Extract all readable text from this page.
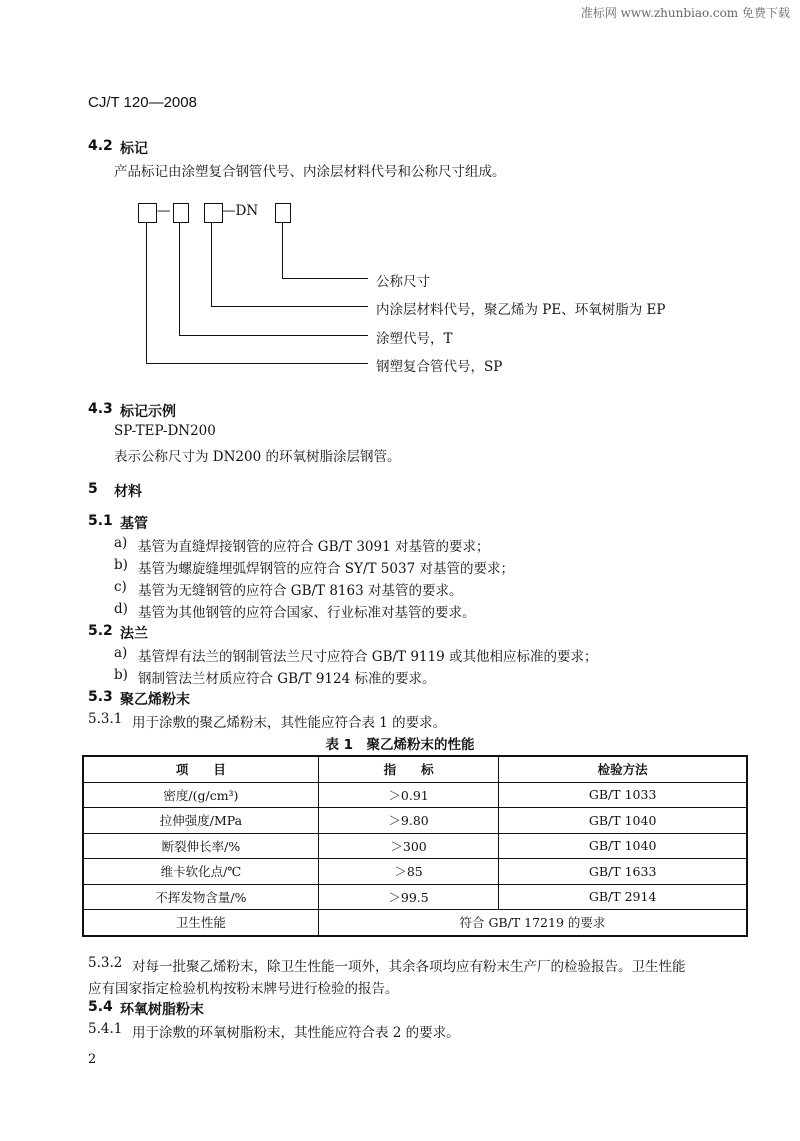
准标网 www.zhunbiao.com 免费下载
CJ/T 120—2008
4.2 标记
产品标记由涂塑复合钢管代号、内涂层材料代号和公称尺寸组成。
—	—DN
公称尺寸
内涂层材料代号，聚乙烯为 PE、环氧树脂为 EP
涂塑代号，T
钢塑复合管代号，SP
4.3 标记示例
SP-TEP-DN200
表示公称尺寸为 DN200 的环氧树脂涂层钢管。
5 材料
5.1 基管
a) 基管为直缝焊接钢管的应符合 GB/T 3091 对基管的要求；
b) 基管为螺旋缝埋弧焊钢管的应符合 SY/T 5037 对基管的要求；
c) 基管为无缝钢管的应符合 GB/T 8163 对基管的要求。
d) 基管为其他钢管的应符合国家、行业标准对基管的要求。
5.2 法兰
a) 基管焊有法兰的钢制管法兰尺寸应符合 GB/T 9119 或其他相应标准的要求；
b) 钢制管法兰材质应符合 GB/T 9124 标准的要求。
5.3 聚乙烯粉末
5.3.1 用于涂敷的聚乙烯粉末，其性能应符合表 1 的要求。
表 1　聚乙烯粉末的性能
项　　目	指　　标	检验方法
密度/(g/cm³)	＞0.91	GB/T 1033
拉伸强度/MPa	＞9.80	GB/T 1040
断裂伸长率/%	＞300	GB/T 1040
维卡软化点/℃	＞85	GB/T 1633
不挥发物含量/%	＞99.5	GB/T 2914
卫生性能	符合 GB/T 17219 的要求	
5.3.2 对每一批聚乙烯粉末，除卫生性能一项外，其余各项均应有粉末生产厂的检验报告。卫生性能
应有国家指定检验机构按粉末牌号进行检验的报告。
5.4 环氧树脂粉末
5.4.1 用于涂敷的环氧树脂粉末，其性能应符合表 2 的要求。
2
